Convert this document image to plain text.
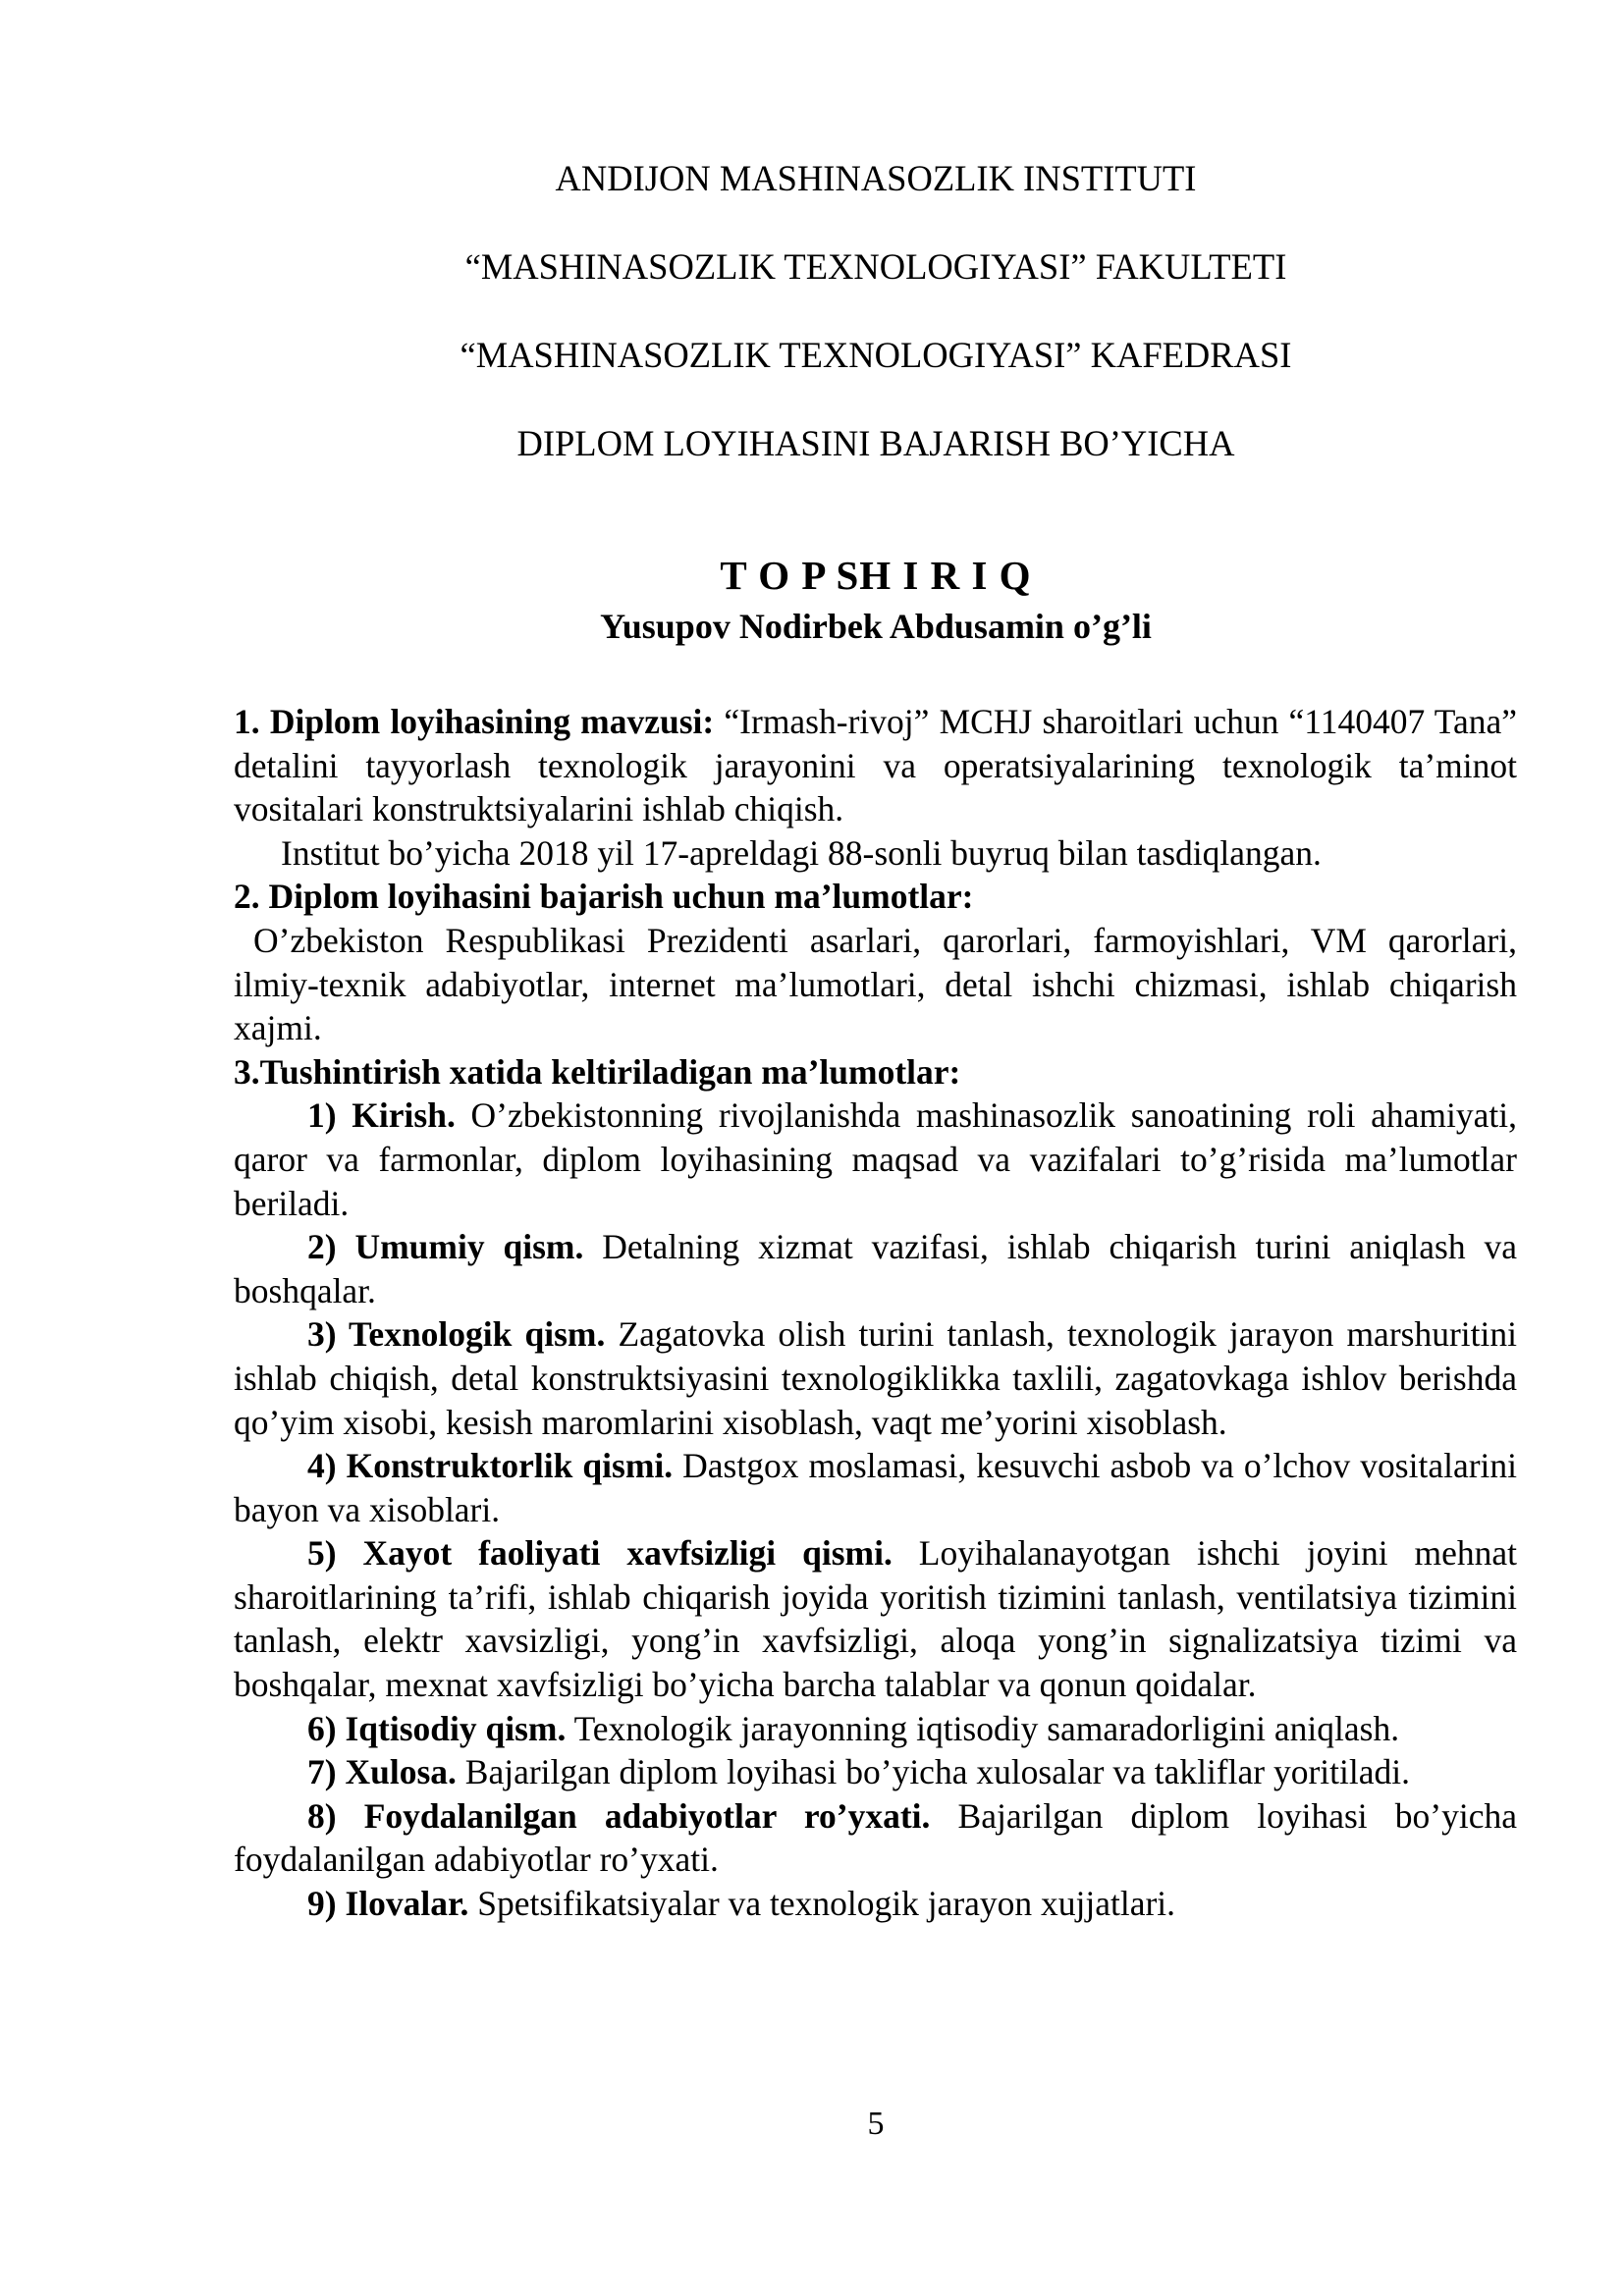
ANDIJON MASHINASOZLIK INSTITUTI
“MASHINASOZLIK TEXNOLOGIYASI” FAKULTETI
“MASHINASOZLIK TEXNOLOGIYASI” KAFEDRASI
DIPLOM LOYIHASINI BAJARISH BO’YICHA
T O P SH I R I Q
Yusupov Nodirbek Abdusamin o’g’li

1. Diplom loyihasining mavzusi: “Irmash-rivoj” MCHJ sharoitlari uchun “1140407 Tana” detalini tayyorlash texnologik jarayonini va operatsiyalarining texnologik ta’minot vositalari konstruktsiyalarini ishlab chiqish.

Institut bo’yicha 2018 yil 17-apreldagi 88-sonli buyruq bilan tasdiqlangan.

2. Diplom loyihasini bajarish uchun ma’lumotlar:

O’zbekiston Respublikasi Prezidenti asarlari, qarorlari, farmoyishlari, VM qarorlari, ilmiy-texnik adabiyotlar, internet ma’lumotlari, detal ishchi chizmasi, ishlab chiqarish xajmi.

3.Tushintirish xatida keltiriladigan ma’lumotlar:

1) Kirish. O’zbekistonning rivojlanishda mashinasozlik sanoatining roli ahamiyati, qaror va farmonlar, diplom loyihasining maqsad va vazifalari to’g’risida ma’lumotlar beriladi.

2) Umumiy qism. Detalning xizmat vazifasi, ishlab chiqarish turini aniqlash va boshqalar.

3) Texnologik qism. Zagatovka olish turini tanlash, texnologik jarayon marshuritini ishlab chiqish, detal konstruktsiyasini texnologiklikka taxlili, zagatovkaga ishlov berishda qo’yim xisobi, kesish maromlarini xisoblash, vaqt me’yorini xisoblash.

4) Konstruktorlik qismi. Dastgox moslamasi, kesuvchi asbob va o’lchov vositalarini bayon va xisoblari.

5) Xayot faoliyati xavfsizligi qismi. Loyihalanayotgan ishchi joyini mehnat sharoitlarining ta’rifi, ishlab chiqarish joyida yoritish tizimini tanlash, ventilatsiya tizimini tanlash, elektr xavsizligi, yong’in xavfsizligi, aloqa yong’in signalizatsiya tizimi va boshqalar, mexnat xavfsizligi bo’yicha barcha talablar va qonun qoidalar.

6) Iqtisodiy qism. Texnologik jarayonning iqtisodiy samaradorligini aniqlash.

7) Xulosa. Bajarilgan diplom loyihasi bo’yicha xulosalar va takliflar yoritiladi.

8) Foydalanilgan adabiyotlar ro’yxati. Bajarilgan diplom loyihasi bo’yicha foydalanilgan adabiyotlar ro’yxati.

9) Ilovalar. Spetsifikatsiyalar va texnologik jarayon xujjatlari.

5
